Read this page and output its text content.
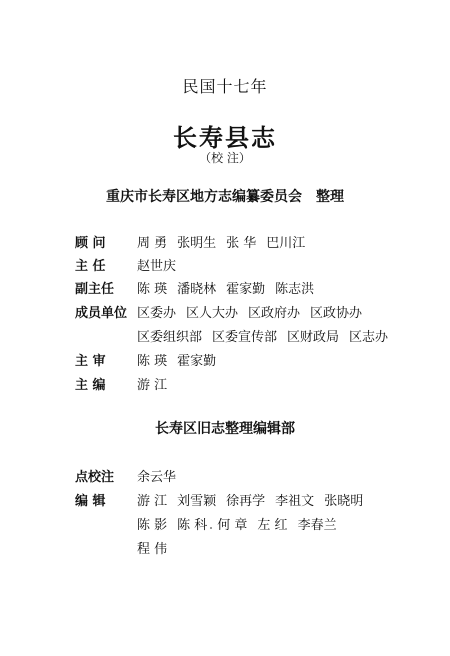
民国十七年
长寿县志
（校 注）
重庆市长寿区地方志编纂委员会 整理
顾 问 周 勇 张明生 张 华 巴川江
主 任 赵世庆
副主任 陈 瑛 潘晓林 霍家勤 陈志洪
成员单位 区委办 区人大办 区政府办 区政协办
区委组织部 区委宣传部 区财政局 区志办
主 审 陈 瑛 霍家勤
主 编 游 江
长寿区旧志整理编辑部
点校注 余云华
编 辑 游 江 刘雪颖 徐再学 李祖文 张晓明
陈 影 陈 科 何 章 左 红 李春兰
程 伟
